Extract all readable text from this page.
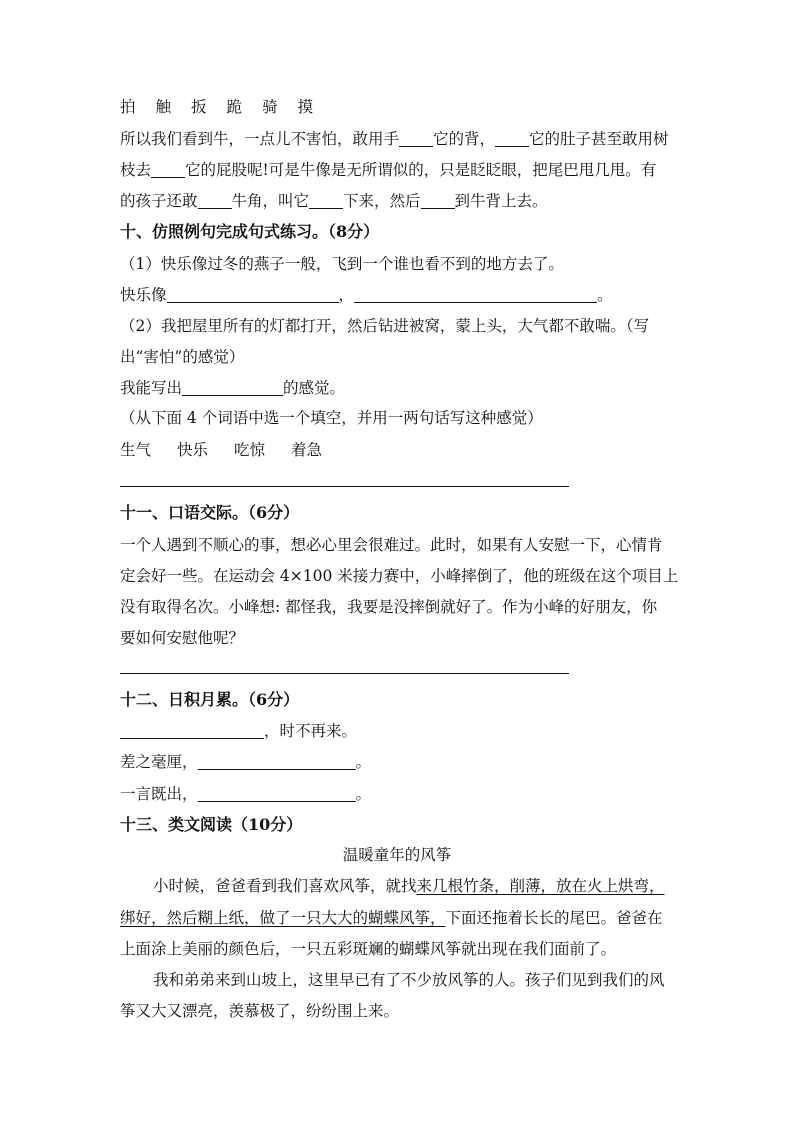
拍 触 扳 跪 骑 摸
所以我们看到牛，一点儿不害怕，敢用手 它的背， 它的肚子甚至敢用树
枝去 它的屁股呢!可是牛像是无所谓似的，只是眨眨眼，把尾巴甩几甩。有
的孩子还敢 牛角，叫它 下来，然后 到牛背上去。
十、仿照例句完成句式练习。（8分）
（1）快乐像过冬的燕子一般，飞到一个谁也看不到的地方去了。
快乐像	，	。
（2）我把屋里所有的灯都打开，然后钻进被窝，蒙上头，大气都不敢喘。（写
出“害怕”的感觉）
我能写出	的感觉。
（从下面 4 个词语中选一个填空，并用一两句话写这种感觉）
生气 快乐 吃惊 着急
十一、口语交际。（6分）
一个人遇到不顺心的事，想必心里会很难过。此时，如果有人安慰一下，心情肯
定会好一些。在运动会 4×100 米接力赛中，小峰摔倒了，他的班级在这个项目上
没有取得名次。小峰想: 都怪我，我要是没摔倒就好了。作为小峰的好朋友，你
要如何安慰他呢？
十二、日积月累。（6分）
，时不再来。
差之毫厘，	。
一言既出，	。
十三、类文阅读（10分）
温暖童年的风筝
小时候，爸爸看到我们喜欢风筝，就找来几根竹条，削薄，放在火上烘弯，
绑好，然后糊上纸，做了一只大大的蝴蝶风筝，下面还拖着长长的尾巴。爸爸在
上面涂上美丽的颜色后，一只五彩斑斓的蝴蝶风筝就出现在我们面前了。
我和弟弟来到山坡上，这里早已有了不少放风筝的人。孩子们见到我们的风
筝又大又漂亮，羡慕极了，纷纷围上来。
